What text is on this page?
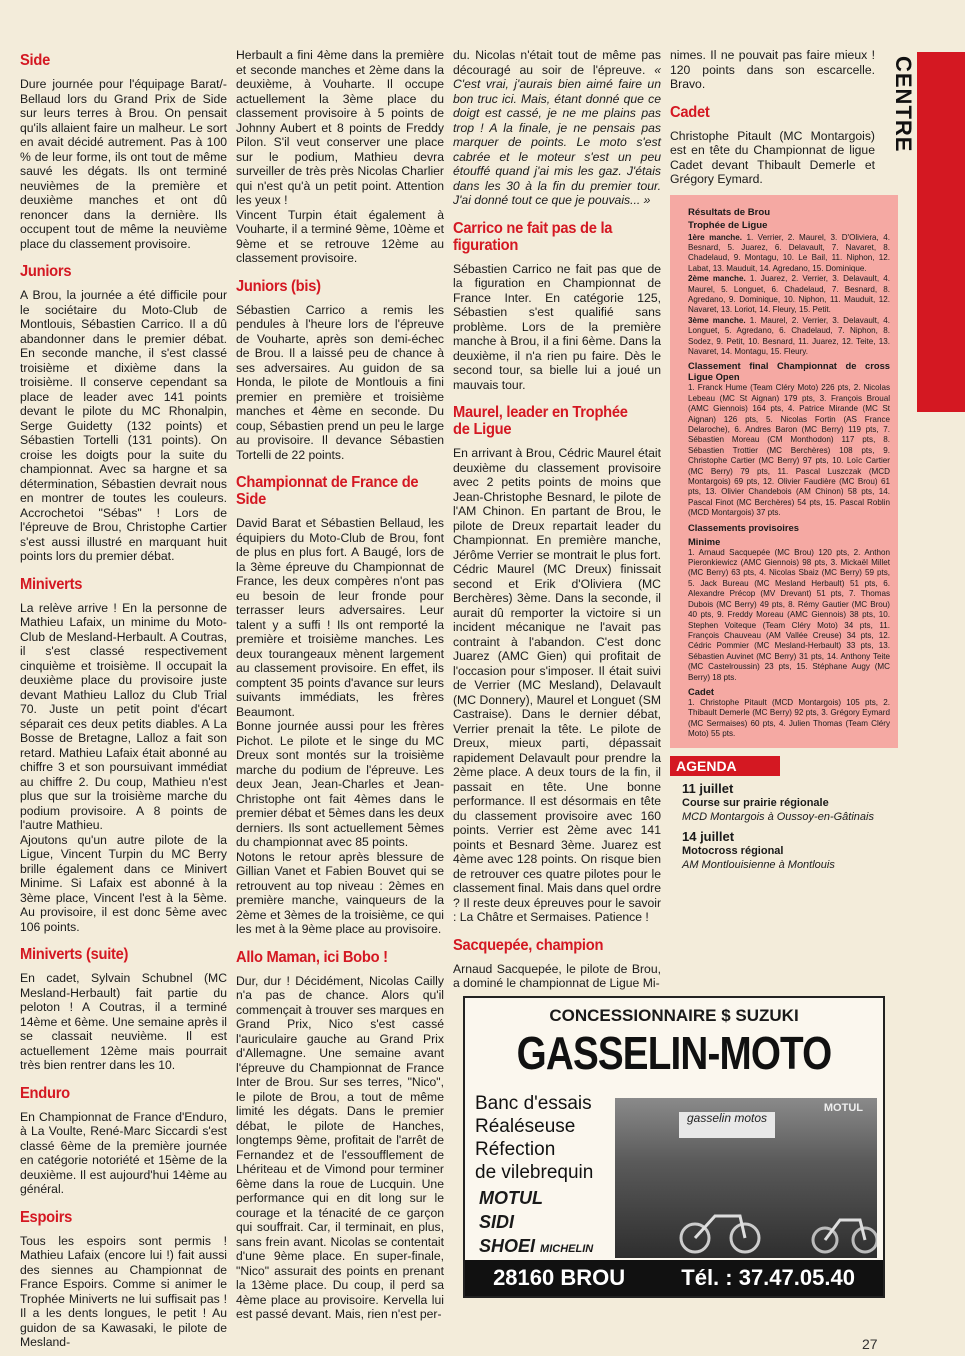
CENTRE
Side

Dure journée pour l'équipage Barat/-Bellaud lors du Grand Prix de Side sur leurs terres à Brou. On pensait qu'ils allaient faire un malheur. Le sort en avait décidé autrement. Pas à 100 % de leur forme, ils ont tout de même sauvé les dégats. Ils ont terminé neuvièmes de la première et deuxième manches et ont dû renoncer dans la dernière. Ils occupent tout de même la neuvième place du classement provisoire.

Juniors

A Brou, la journée a été difficile pour le sociétaire du Moto-Club de Montlouis, Sébastien Carrico. Il a dû abandonner dans le premier débat. En seconde manche, il s'est classé troisième et dixième dans la troisième. Il conserve cependant sa place de leader avec 141 points devant le pilote du MC Rhonalpin, Serge Guidetty (132 points) et Sébastien Tortelli (131 points). On croise les doigts pour la suite du championnat. Avec sa hargne et sa détermination, Sébastien devrait nous en montrer de toutes les couleurs. Accrochetoi "Sébas" ! Lors de l'épreuve de Brou, Christophe Cartier s'est aussi illustré en marquant huit points lors du premier débat.

Miniverts

La relève arrive ! En la personne de Mathieu Lafaix, un minime du Moto-Club de Mesland-Herbault. A Coutras, il s'est classé respectivement cinquième et troisième. Il occupait la deuxième place du provisoire juste devant Mathieu Lalloz du Club Trial 70. Juste un petit point d'écart séparait ces deux petits diables. A La Bosse de Bretagne, Lalloz a fait son retard. Mathieu Lafaix était abonné au chiffre 3 et son poursuivant immédiat au chiffre 2. Du coup, Mathieu n'est plus que sur la troisième marche du podium provisoire. A 8 points de l'autre Mathieu.

Ajoutons qu'un autre pilote de la Ligue, Vincent Turpin du MC Berry brille également dans ce Minivert Minime. Si Lafaix est abonné à la 3ème place, Vincent l'est à la 5ème. Au provisoire, il est donc 5ème avec 106 points.

Miniverts (suite)

En cadet, Sylvain Schubnel (MC Mesland-Herbault) fait partie du peloton ! A Coutras, il a terminé 14ème et 6ème. Une semaine après il se classait neuvième. Il est actuellement 12ème mais pourrait très bien rentrer dans les 10.

Enduro

En Championnat de France d'Enduro, à La Voulte, René-Marc Siccardi s'est classé 6ème de la première journée en catégorie notoriété et 15ème de la deuxième. Il est aujourd'hui 14ème au général.

Espoirs

Tous les espoirs sont permis ! Mathieu Lafaix (encore lui !) fait aussi des siennes au Championnat de France Espoirs. Comme si animer le Trophée Miniverts ne lui suffisait pas ! Il a les dents longues, le petit ! Au guidon de sa Kawasaki, le pilote de Mesland-

Herbault a fini 4ème dans la première et seconde manches et 2ème dans la deuxième, à Vouharte. Il occupe actuellement la 3ème place du classement provisoire à 5 points de Johnny Aubert et 8 points de Freddy Pilon. S'il veut conserver une place sur le podium, Mathieu devra surveiller de très près Nicolas Charlier qui n'est qu'à un petit point. Attention les yeux !

Vincent Turpin était également à Vouharte, il a terminé 9ème, 10ème et 9ème et se retrouve 12ème au classement provisoire.

Juniors (bis)

Sébastien Carrico a remis les pendules à l'heure lors de l'épreuve de Vouharte, après son demi-échec de Brou. Il a laissé peu de chance à ses adversaires. Au guidon de sa Honda, le pilote de Montlouis a fini premier en première et troisième manches et 4ème en seconde. Du coup, Sébastien prend un peu le large au provisoire. Il devance Sébastien Tortelli de 22 points.

Championnat de France de Side

David Barat et Sébastien Bellaud, les équipiers du Moto-Club de Brou, font de plus en plus fort. A Baugé, lors de la 3ème épreuve du Championnat de France, les deux compères n'ont pas eu besoin de leur fronde pour terrasser leurs adversaires. Leur talent y a suffi ! Ils ont remporté la première et troisième manches. Les deux tourangeaux mènent largement au classement provisoire. En effet, ils comptent 35 points d'avance sur leurs suivants immédiats, les frères Beaumont.

Bonne journée aussi pour les frères Pichot. Le pilote et le singe du MC Dreux sont montés sur la troisième marche du podium de l'épreuve. Les deux Jean, Jean-Charles et Jean-Christophe ont fait 4èmes dans le premier débat et 5èmes dans les deux derniers. Ils sont actuellement 5èmes du championnat avec 85 points.

Notons le retour après blessure de Gillian Vanet et Fabien Bouvet qui se retrouvent au top niveau : 2èmes en première manche, vainqueurs de la 2ème et 3èmes de la troisième, ce qui les met à la 9ème place au provisoire.

Allo Maman, ici Bobo !

Dur, dur ! Décidément, Nicolas Cailly n'a pas de chance. Alors qu'il commençait à trouver ses marques en Grand Prix, Nico s'est cassé l'auriculaire gauche au Grand Prix d'Allemagne. Une semaine avant l'épreuve du Championnat de France Inter de Brou. Sur ses terres, "Nico", le pilote de Brou, a tout de même limité les dégats. Dans le premier débat, le pilote de Hanches, longtemps 9ème, profitait de l'arrêt de Fernandez et de l'essoufflement de Lhériteau et de Vimond pour terminer 6ème dans la roue de Lucquin. Une performance qui en dit long sur le courage et la ténacité de ce garçon qui souffrait. Car, il terminait, en plus, sans frein avant. Nicolas se contentait d'une 9ème place. En super-finale, "Nico" assurait des points en prenant la 13ème place. Du coup, il perd sa 4ème place au provisoire. Kervella lui est passé devant. Mais, rien n'est per-

du. Nicolas n'était tout de même pas découragé au soir de l'épreuve. « C'est vrai, j'aurais bien aimé faire un bon truc ici. Mais, étant donné que ce doigt est cassé, je ne me plains pas trop ! A la finale, je ne pensais pas marquer de points. Le moto s'est cabrée et le moteur s'est un peu étouffé quand j'ai mis les gaz. J'étais dans les 30 à la fin du premier tour. J'ai donné tout ce que je pouvais... »

Carrico ne fait pas de la figuration

Sébastien Carrico ne fait pas que de la figuration en Championnat de France Inter. En catégorie 125, Sébastien s'est qualifié sans problème. Lors de la première manche à Brou, il a fini 6ème. Dans la deuxième, il n'a rien pu faire. Dès le second tour, sa bielle lui a joué un mauvais tour.

Maurel, leader en Trophée de Ligue

En arrivant à Brou, Cédric Maurel était deuxième du classement provisoire avec 2 petits points de moins que Jean-Christophe Besnard, le pilote de l'AM Chinon. En partant de Brou, le pilote de Dreux repartait leader du Championnat. En première manche, Jérôme Verrier se montrait le plus fort. Cédric Maurel (MC Dreux) finissait second et Erik d'Oliviera (MC Berchères) 3ème. Dans la seconde, il aurait dû remporter la victoire si un incident mécanique ne l'avait pas contraint à l'abandon. C'est donc Juarez (AMC Gien) qui profitait de l'occasion pour s'imposer. Il était suivi de Verrier (MC Mesland), Delavault (MC Donnery), Maurel et Longuet (SM Castraise). Dans le dernier débat, Verrier prenait la tête. Le pilote de Dreux, mieux parti, dépassait rapidement Delavault pour prendre la 2ème place. A deux tours de la fin, il passait en tête. Une bonne performance. Il est désormais en tête du classement provisoire avec 160 points. Verrier est 2ème avec 141 points et Besnard 3ème. Juarez est 4ème avec 128 points. On risque bien de retrouver ces quatre pilotes pour le classement final. Mais dans quel ordre ? Il reste deux épreuves pour le savoir : La Châtre et Sermaises. Patience !

Sacquepée, champion

Arnaud Sacquepée, le pilote de Brou, a dominé le championnat de Ligue Mi-

nimes. Il ne pouvait pas faire mieux ! 120 points dans son escarcelle. Bravo.

Cadet

Christophe Pitault (MC Montargois) est en tête du Championnat de ligue Cadet devant Thibault Demerle et Grégory Eymard.

Résultats de Brou
Trophée de Ligue

1ère manche. 1. Verrier, 2. Maurel, 3. D'Oliviera, 4. Besnard, 5. Juarez, 6. Delavault, 7. Navaret, 8. Chadelaud, 9. Montagu, 10. Le Bail, 11. Niphon, 12. Labat, 13. Mauduit, 14. Agredano, 15. Dominique.

2ème manche. 1. Juarez, 2. Verrier, 3. Delavault, 4. Maurel, 5. Longuet, 6. Chadelaud, 7. Besnard, 8. Agredano, 9. Dominique, 10. Niphon, 11. Mauduit, 12. Navaret, 13. Loriot, 14. Fleury, 15. Petit.

3ème manche. 1. Maurel, 2. Verrier, 3. Delavault, 4. Longuet, 5. Agredano, 6. Chadelaud, 7. Niphon, 8. Sodez, 9. Petit, 10. Besnard, 11. Juarez, 12. Teite, 13. Navaret, 14. Montagu, 15. Fleury.

Classement final Championnat de cross Ligue Open

1. Franck Hume (Team Cléry Moto) 226 pts, 2. Nicolas Lebeau (MC St Aignan) 179 pts, 3. François Broual (AMC Giennois) 164 pts, 4. Patrice Mirande (MC St Aignan) 126 pts, 5. Nicolas Fortin (AS France Delaroche), 6. Andres Baron (MC Berry) 119 pts, 7. Sébastien Moreau (CM Monthodon) 117 pts, 8. Sébastien Trottier (MC Berchères) 108 pts, 9. Christophe Cartier (MC Berry) 97 pts, 10. Loïc Cartier (MC Berry) 79 pts, 11. Pascal Luszczak (MCD Montargois) 69 pts, 12. Olivier Faudière (MC Brou) 61 pts, 13. Olivier Chandebois (AM Chinon) 58 pts, 14. Pascal Finot (MC Berchères) 54 pts, 15. Pascal Roblin (MCD Montargois) 37 pts.

Classements provisoires
Minime

1. Arnaud Sacquepée (MC Brou) 120 pts, 2. Anthon Pieronkiewicz (AMC Giennois) 98 pts, 3. Mickaël Millet (MC Berry) 63 pts, 4. Nicolas Sbaiz (MC Berry) 59 pts, 5. Jack Bureau (MC Mesland Herbault) 51 pts, 6. Alexandre Précop (MV Drevant) 51 pts, 7. Thomas Dubois (MC Berry) 49 pts, 8. Rémy Gautier (MC Brou) 40 pts, 9. Freddy Moreau (AMC Giennois) 38 pts, 10. Stephen Voiteque (Team Cléry Moto) 34 pts, 11. François Chauveau (AM Vallée Creuse) 34 pts, 12. Cédric Pommier (MC Mesland-Herbault) 33 pts, 13. Sébastien Auvinet (MC Berry) 31 pts, 14. Anthony Teite (MC Castelroussin) 23 pts, 15. Stéphane Augy (MC Berry) 18 pts.

Cadet

1. Christophe Pitault (MCD Montargois) 105 pts, 2. Thibault Demerle (MC Berry) 92 pts, 3. Grégory Eymard (MC Sermaises) 60 pts, 4. Julien Thomas (Team Cléry Moto) 55 pts.

AGENDA
11 juillet
Course sur prairie régionale
MCD Montargois à Oussoy-en-Gâtinais
14 juillet
Motocross régional
AM Montlouisienne à Montlouis
CONCESSIONNAIRE $ SUZUKI
GASSELIN-MOTO
Banc d'essais
Réaléseuse
Réfection
de vilebrequin
MOTUL
SIDI
SHOEI MICHELIN
MOTUL
gasselin motos
28160 BROU	Tél. : 37.47.05.40
27
